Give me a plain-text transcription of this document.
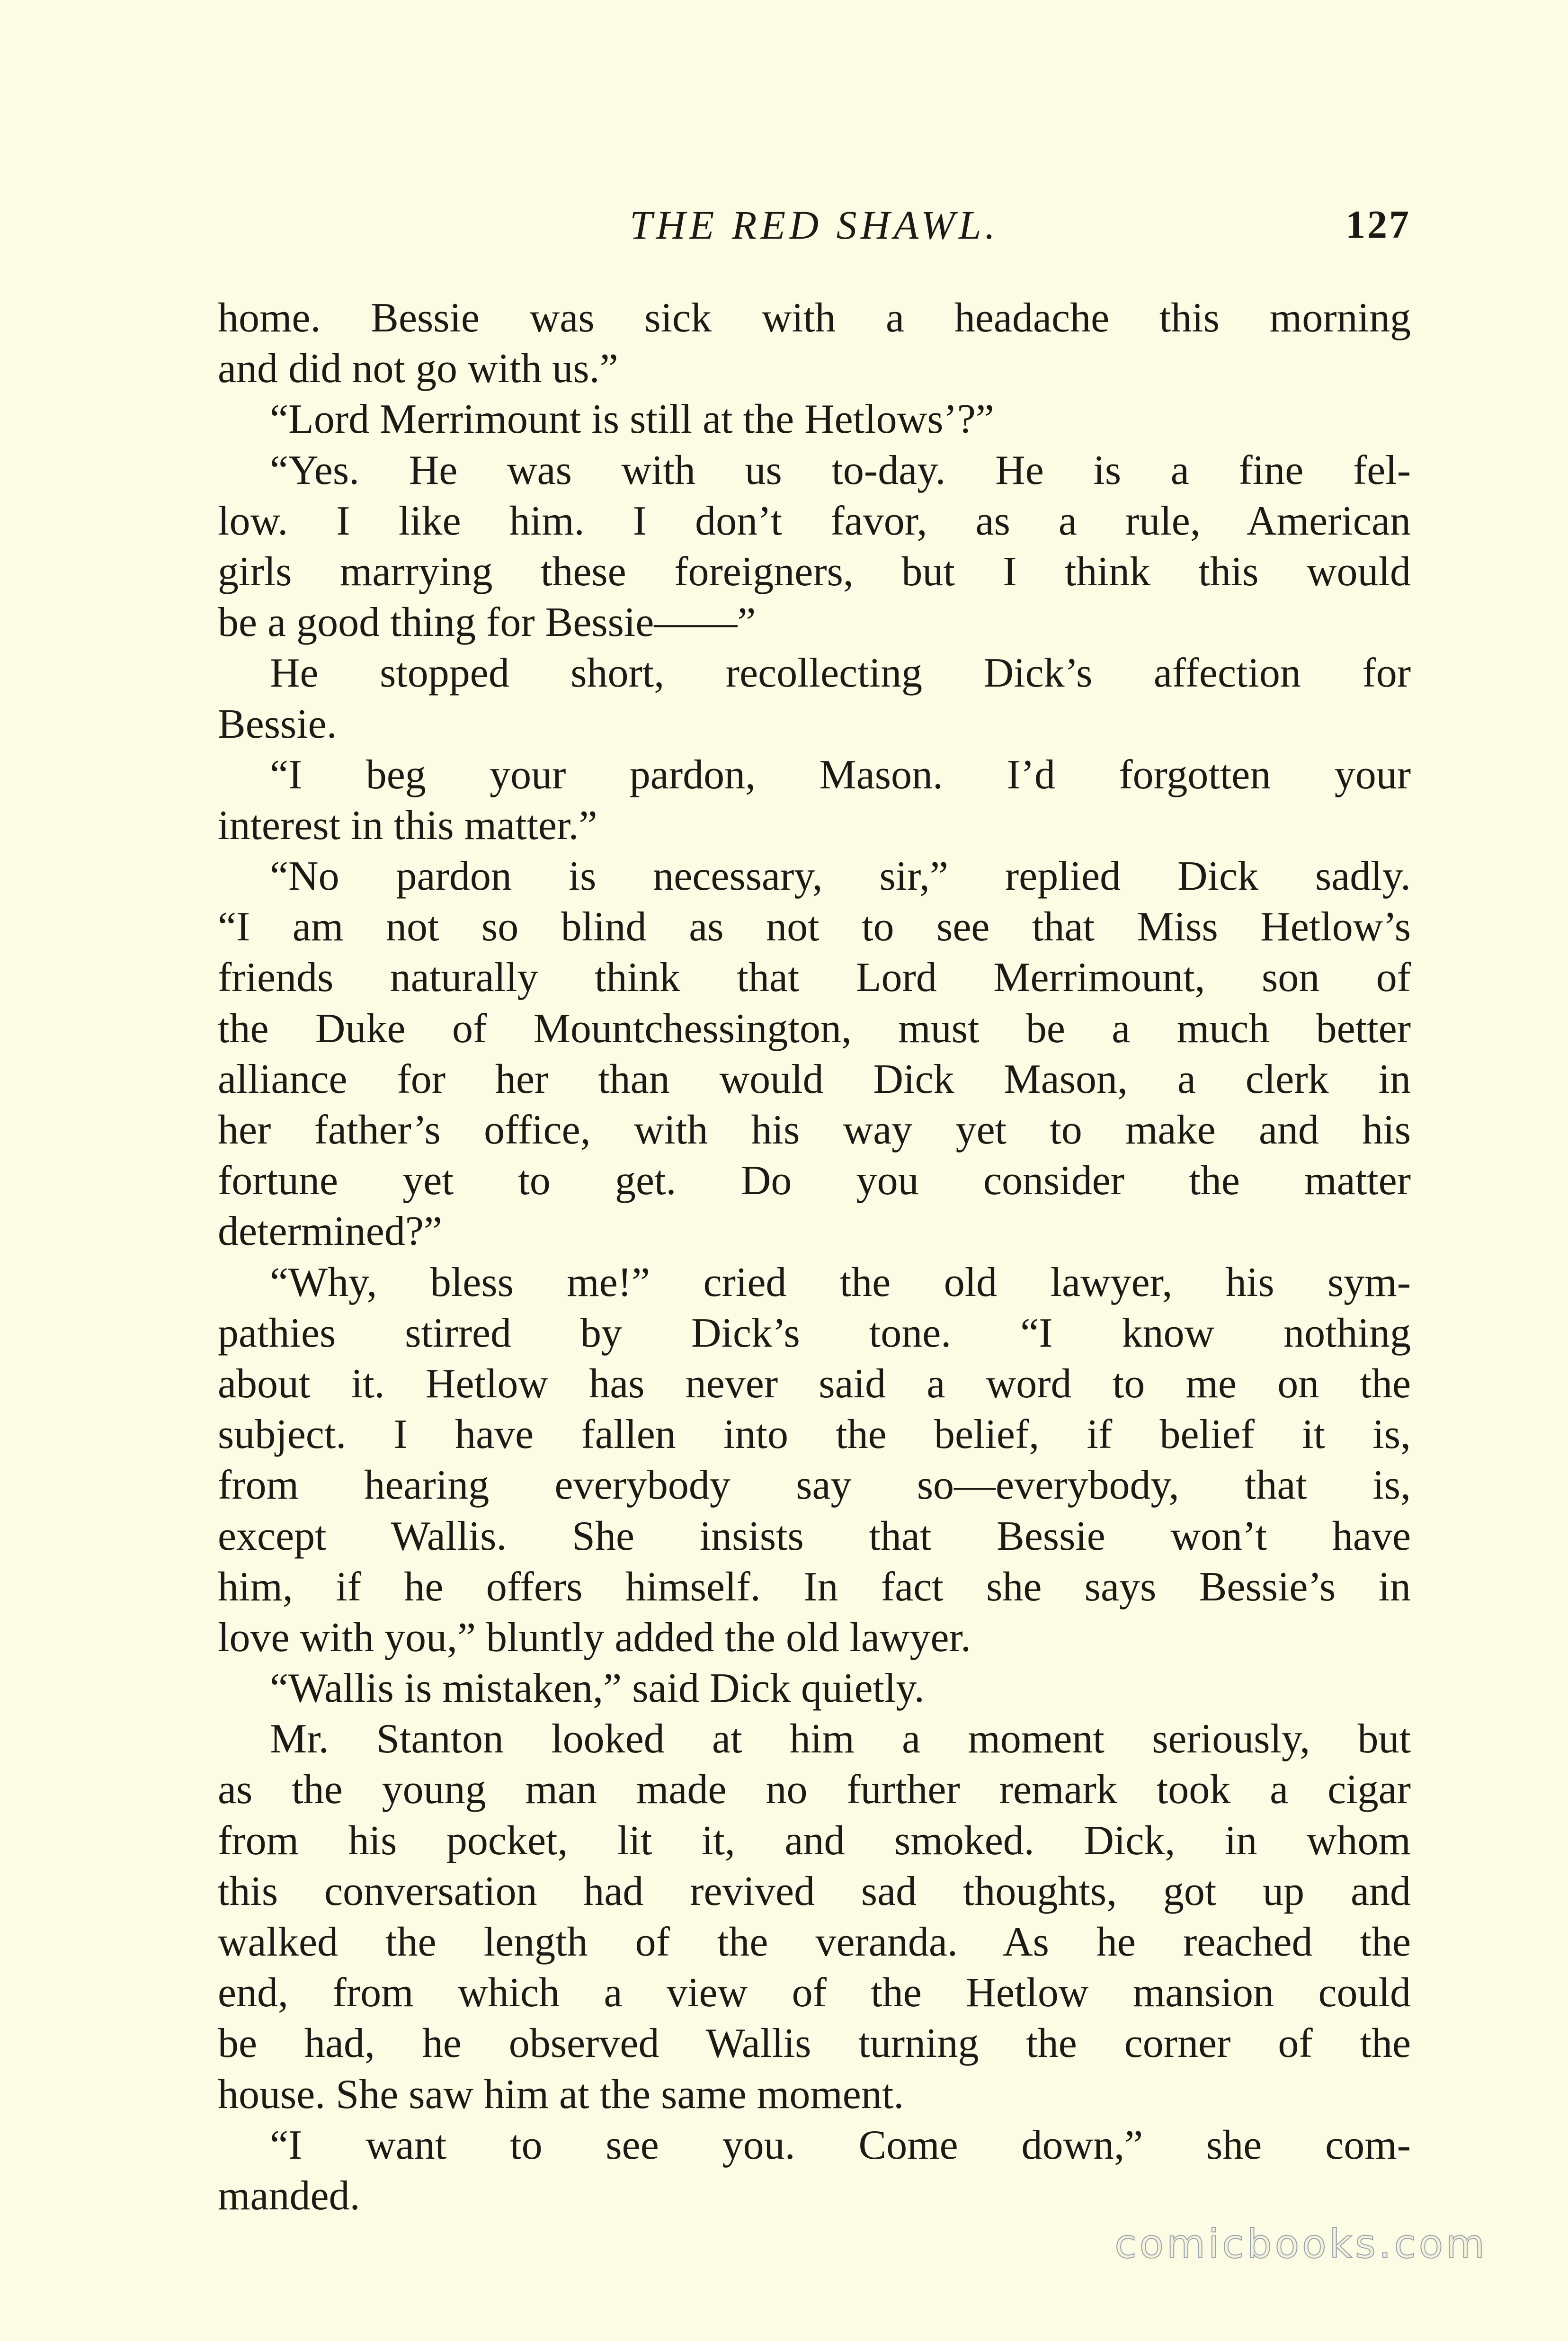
THE RED SHAWL.	127
home. Bessie was sick with a headache this morning
and did not go with us.”
“Lord Merrimount is still at the Hetlows’?”
“Yes. He was with us to-day. He is a fine fel-
low. I like him. I don’t favor, as a rule, American
girls marrying these foreigners, but I think this would
be a good thing for Bessie——”
He stopped short, recollecting Dick’s affection for
Bessie.
“I beg your pardon, Mason. I’d forgotten your
interest in this matter.”
“No pardon is necessary, sir,” replied Dick sadly.
“I am not so blind as not to see that Miss Hetlow’s
friends naturally think that Lord Merrimount, son of
the Duke of Mountchessington, must be a much better
alliance for her than would Dick Mason, a clerk in
her father’s office, with his way yet to make and his
fortune yet to get. Do you consider the matter
determined?”
“Why, bless me!” cried the old lawyer, his sym-
pathies stirred by Dick’s tone. “I know nothing
about it. Hetlow has never said a word to me on the
subject. I have fallen into the belief, if belief it is,
from hearing everybody say so—everybody, that is,
except Wallis. She insists that Bessie won’t have
him, if he offers himself. In fact she says Bessie’s in
love with you,” bluntly added the old lawyer.
“Wallis is mistaken,” said Dick quietly.
Mr. Stanton looked at him a moment seriously, but
as the young man made no further remark took a cigar
from his pocket, lit it, and smoked. Dick, in whom
this conversation had revived sad thoughts, got up and
walked the length of the veranda. As he reached the
end, from which a view of the Hetlow mansion could
be had, he observed Wallis turning the corner of the
house. She saw him at the same moment.
“I want to see you. Come down,” she com-
manded.
comicbooks.com
